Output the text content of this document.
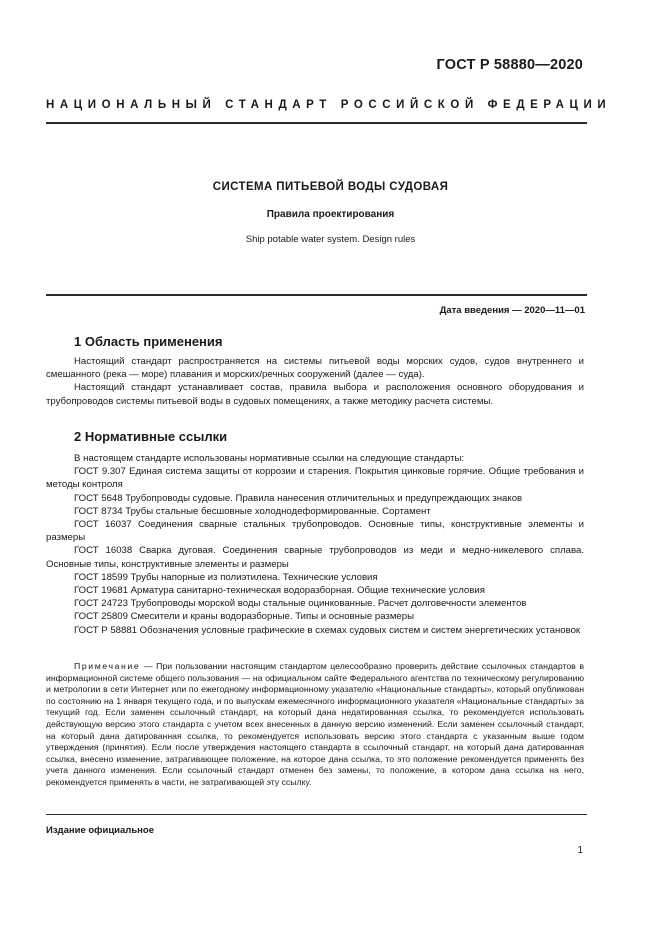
ГОСТ Р 58880—2020
НАЦИОНАЛЬНЫЙ СТАНДАРТ РОССИЙСКОЙ ФЕДЕРАЦИИ
СИСТЕМА ПИТЬЕВОЙ ВОДЫ СУДОВАЯ
Правила проектирования
Ship potable water system. Design rules
Дата введения — 2020—11—01
1 Область применения

Настоящий стандарт распространяется на системы питьевой воды морских судов, судов внутреннего и смешанного (река — море) плавания и морских/речных сооружений (далее — суда).

Настоящий стандарт устанавливает состав, правила выбора и расположения основного оборудования и трубопроводов системы питьевой воды в судовых помещениях, а также методику расчета системы.

2 Нормативные ссылки

В настоящем стандарте использованы нормативные ссылки на следующие стандарты:

ГОСТ 9.307 Единая система защиты от коррозии и старения. Покрытия цинковые горячие. Общие требования и методы контроля

ГОСТ 5648 Трубопроводы судовые. Правила нанесения отличительных и предупреждающих знаков

ГОСТ 8734 Трубы стальные бесшовные холоднодеформированные. Сортамент

ГОСТ 16037 Соединения сварные стальных трубопроводов. Основные типы, конструктивные элементы и размеры

ГОСТ 16038 Сварка дуговая. Соединения сварные трубопроводов из меди и медно-никелевого сплава. Основные типы, конструктивные элементы и размеры

ГОСТ 18599 Трубы напорные из полиэтилена. Технические условия

ГОСТ 19681 Арматура санитарно-техническая водоразборная. Общие технические условия

ГОСТ 24723 Трубопроводы морской воды стальные оцинкованные. Расчет долговечности элементов

ГОСТ 25809 Смесители и краны водоразборные. Типы и основные размеры

ГОСТ Р 58881 Обозначения условные графические в схемах судовых систем и систем энергетических установок

Примечание — При пользовании настоящим стандартом целесообразно проверить действие ссылочных стандартов в информационной системе общего пользования — на официальном сайте Федерального агентства по техническому регулированию и метрологии в сети Интернет или по ежегодному информационному указателю «Национальные стандарты», который опубликован по состоянию на 1 января текущего года, и по выпускам ежемесячного информационного указателя «Национальные стандарты» за текущий год. Если заменен ссылочный стандарт, на который дана недатированная ссылка, то рекомендуется использовать действующую версию этого стандарта с учетом всех внесенных в данную версию изменений. Если заменен ссылочный стандарт, на который дана датированная ссылка, то рекомендуется использовать версию этого стандарта с указанным выше годом утверждения (принятия). Если после утверждения настоящего стандарта в ссылочный стандарт, на который дана датированная ссылка, внесено изменение, затрагивающее положение, на которое дана ссылка, то это положение рекомендуется применять без учета данного изменения. Если ссылочный стандарт отменен без замены, то положение, в котором дана ссылка на него, рекомендуется применять в части, не затрагивающей эту ссылку.

Издание официальное
1
